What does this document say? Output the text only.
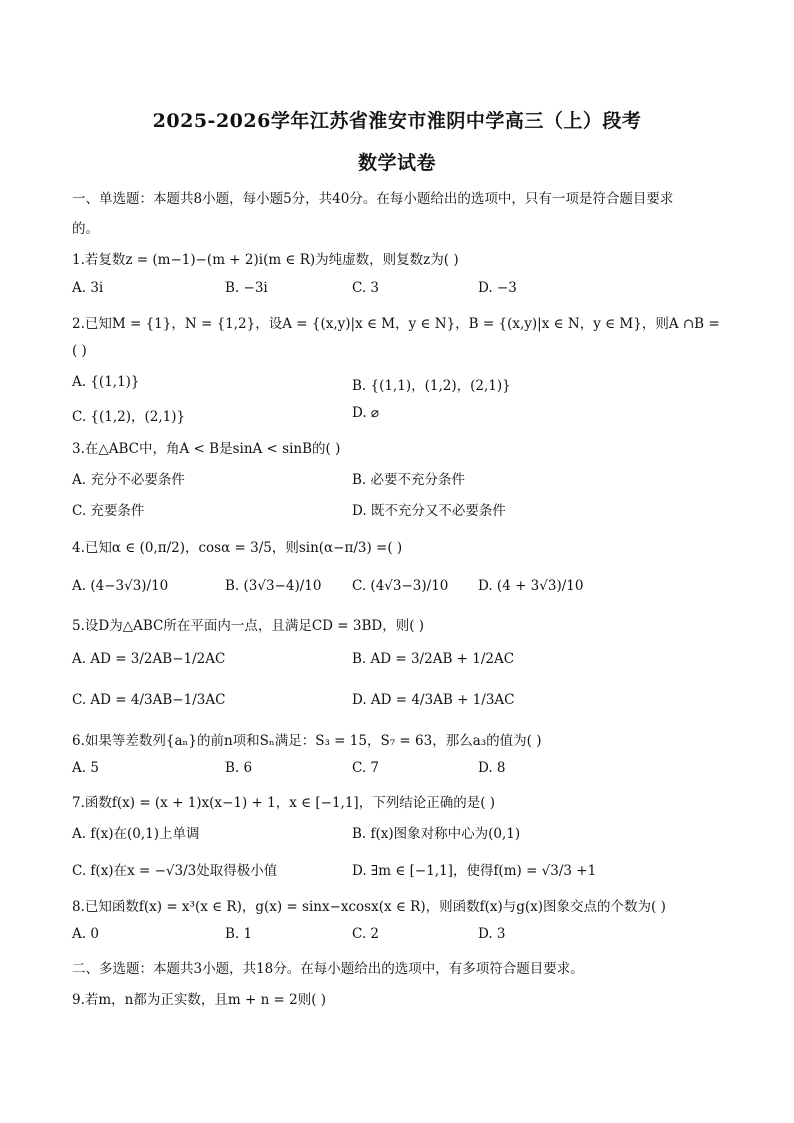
2025-2026学年江苏省淮安市淮阴中学高三（上）段考
数学试卷
一、单选题：本题共8小题，每小题5分，共40分。在每小题给出的选项中，只有一项是符合题目要求
的。
1.若复数z = (m−1)−(m + 2)i(m ∈ R)为纯虚数，则复数z为( )
A. 3i	B. −3i	C. 3	D. −3
2.已知M = {1}，N = {1,2}，设A = {(x,y)|x ∈ M，y ∈ N}，B = {(x,y)|x ∈ N，y ∈ M}，则A ∩B =
( )
A. {(1,1)}	B. {(1,1)，(1,2)，(2,1)}
C. {(1,2)，(2,1)}	D. ⌀
3.在△ABC中，角A < B是sinA < sinB的( )
A. 充分不必要条件	B. 必要不充分条件
C. 充要条件	D. 既不充分又不必要条件
4.已知α ∈ (0,π/2)，cosα = 3/5，则sin(α−π/3) =( )
A. (4−3√3)/10	B. (3√3−4)/10 C. (4√3−3)/10 D. (4 + 3√3)/10
5.设D为△ABC所在平面内一点，且满足CD = 3BD，则( )
A. AD = 3/2AB−1/2AC	B. AD = 3/2AB + 1/2AC
C. AD = 4/3AB−1/3AC	D. AD = 4/3AB + 1/3AC
6.如果等差数列{aₙ}的前n项和Sₙ满足：S₃ = 15，S₇ = 63，那么a₃的值为( )
A. 5	B. 6	C. 7	D. 8
7.函数f(x) = (x + 1)x(x−1) + 1，x ∈ [−1,1]，下列结论正确的是( )
A. f(x)在(0,1)上单调	B. f(x)图象对称中心为(0,1)
C. f(x)在x = −√3/3处取得极小值	D. ∃m ∈ [−1,1]，使得f(m) = √3/3 +1
8.已知函数f(x) = x³(x ∈ R)，g(x) = sinx−xcosx(x ∈ R)，则函数f(x)与g(x)图象交点的个数为( )
A. 0	B. 1	C. 2	D. 3
二、多选题：本题共3小题，共18分。在每小题给出的选项中，有多项符合题目要求。
9.若m，n都为正实数，且m + n = 2则( )
